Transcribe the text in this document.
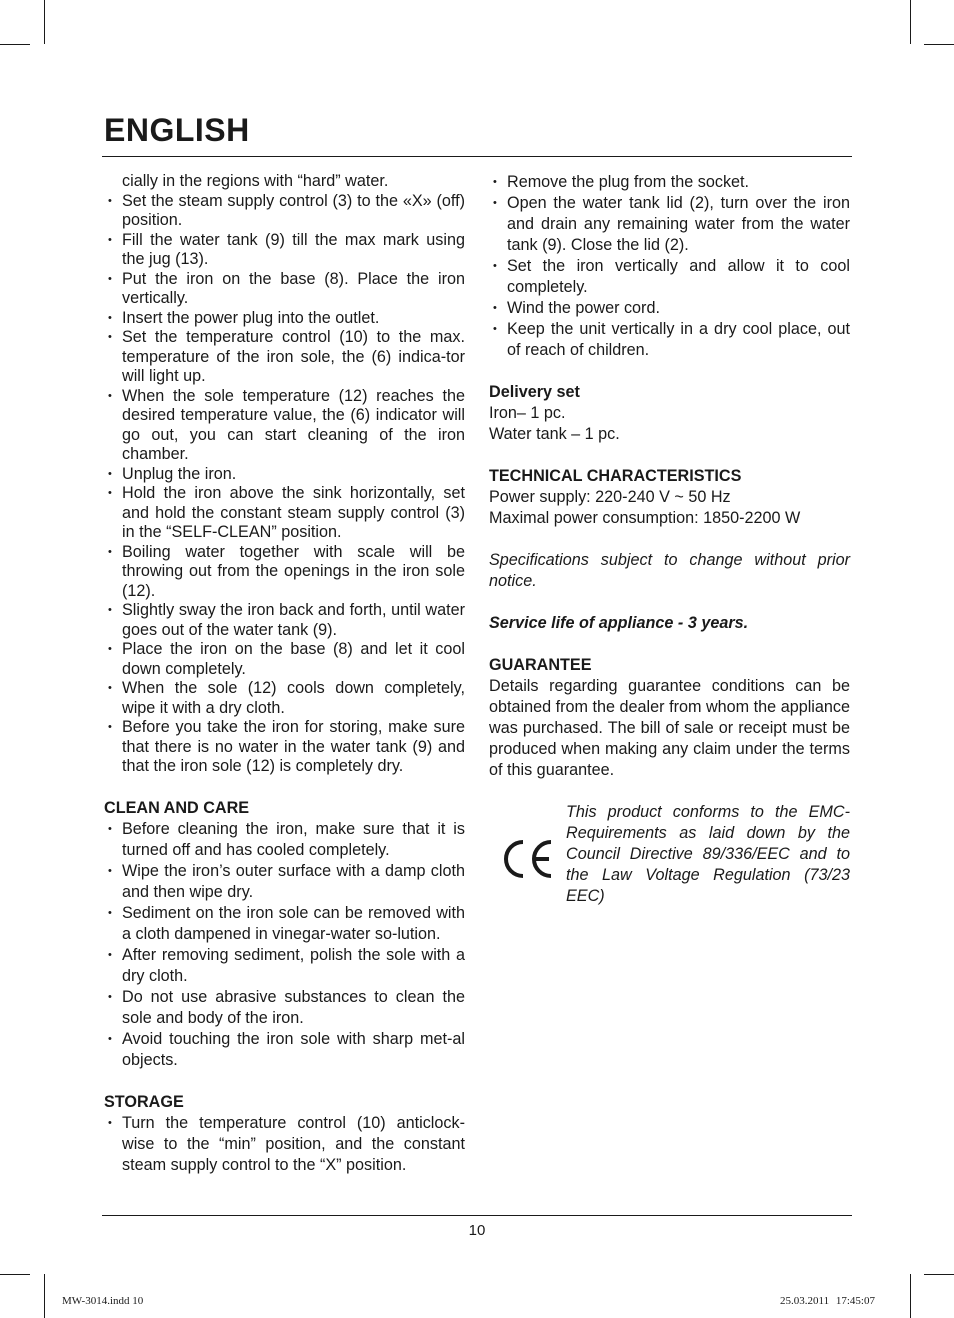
ENGLISH
cially in the regions with “hard” water.
• Set the steam supply control (3) to the «X» (off) position.
• Fill the water tank (9) till the max mark using the jug (13).
• Put the iron on the base (8). Place the iron vertically.
• Insert the power plug into the outlet.
• Set the temperature control (10) to the max. temperature of the iron sole, the (6) indica-tor will light up.
• When the sole temperature (12) reaches the desired temperature value, the (6) indicator will go out, you can start cleaning of the iron chamber.
• Unplug the iron.
• Hold the iron above the sink horizontally, set and hold the constant steam supply control (3) in the “SELF-CLEAN” position.
• Boiling water together with scale will be throwing out from the openings in the iron sole (12).
• Slightly sway the iron back and forth, until water goes out of the water tank (9).
• Place the iron on the base (8) and let it cool down completely.
• When the sole (12) cools down completely, wipe it with a dry cloth.
• Before you take the iron for storing, make sure that there is no water in the water tank (9) and that the iron sole (12) is completely dry.
CLEAN AND CARE
• Before cleaning the iron, make sure that it is turned off and has cooled completely.
• Wipe the iron’s outer surface with a damp cloth and then wipe dry.
• Sediment on the iron sole can be removed with a cloth dampened in vinegar-water so-lution.
• After removing sediment, polish the sole with a dry cloth.
• Do not use abrasive substances to clean the sole and body of the iron.
• Avoid touching the iron sole with sharp met-al objects.
STORAGE
• Turn the temperature control (10) anticlock-wise to the “min” position, and the constant steam supply control to the “X” position.
• Remove the plug from the socket.
• Open the water tank lid (2), turn over the iron and drain any remaining water from the water tank (9). Close the lid (2).
• Set the iron vertically and allow it to cool completely.
• Wind the power cord.
• Keep the unit vertically in a dry cool place, out of reach of children.
Delivery set
Iron– 1 pc.
Water tank – 1 pc.
TECHNICAL CHARACTERISTICS
Power supply: 220-240 V ~ 50 Hz
Maximal power consumption: 1850-2200 W
Specifications subject to change without prior notice.
Service life of appliance - 3 years.
GUARANTEE
Details regarding guarantee conditions can be obtained from the dealer from whom the appliance was purchased. The bill of sale or receipt must be produced when making any claim under the terms of this guarantee.
This product conforms to the EMC-Requirements as laid down by the Council Directive 89/336/EEC and to the Law Voltage Regulation (73/23 EEC)
10
MW-3014.indd 10	25.03.2011 17:45:07
